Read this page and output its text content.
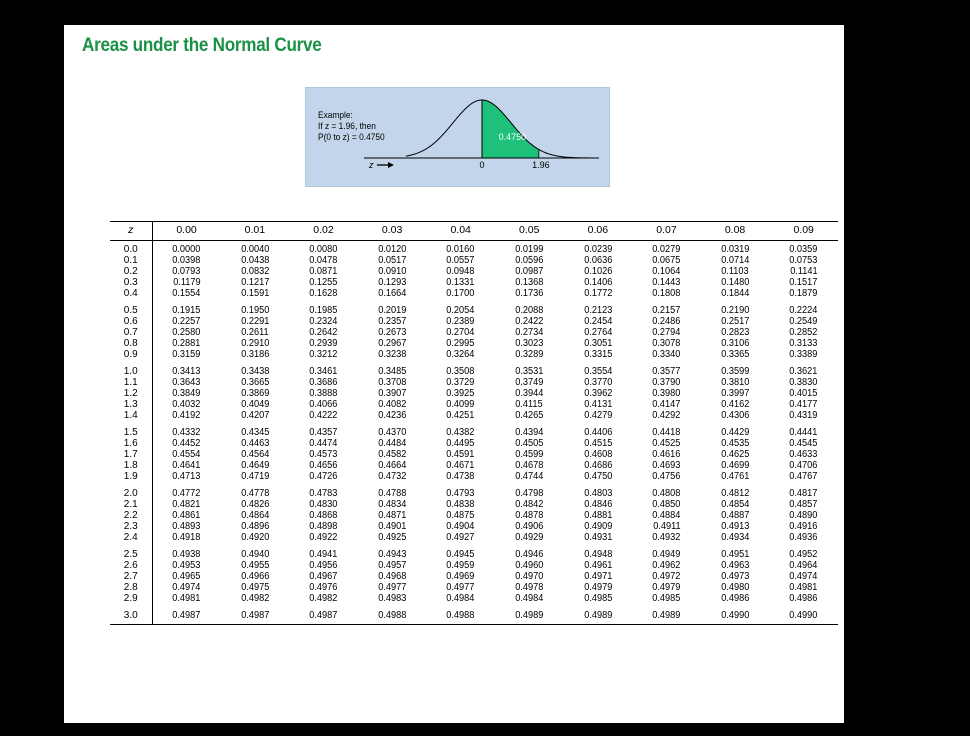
Areas under the Normal Curve
Example:
If z = 1.96, then
P(0 to z) = 0.4750	0.4750
0	1.96
z
z	0.00	0.01	0.02	0.03	0.04	0.05	0.06	0.07	0.08	0.09
0.0	0.0000	0.0040	0.0080	0.0120	0.0160	0.0199	0.0239	0.0279	0.0319	0.0359
0.1	0.0398	0.0438	0.0478	0.0517	0.0557	0.0596	0.0636	0.0675	0.0714	0.0753
0.2	0.0793	0.0832	0.0871	0.0910	0.0948	0.0987	0.1026	0.1064	0.1103	0.1141
0.3	0.1179	0.1217	0.1255	0.1293	0.1331	0.1368	0.1406	0.1443	0.1480	0.1517
0.4	0.1554	0.1591	0.1628	0.1664	0.1700	0.1736	0.1772	0.1808	0.1844	0.1879
0.5	0.1915	0.1950	0.1985	0.2019	0.2054	0.2088	0.2123	0.2157	0.2190	0.2224
0.6	0.2257	0.2291	0.2324	0.2357	0.2389	0.2422	0.2454	0.2486	0.2517	0.2549
0.7	0.2580	0.2611	0.2642	0.2673	0.2704	0.2734	0.2764	0.2794	0.2823	0.2852
0.8	0.2881	0.2910	0.2939	0.2967	0.2995	0.3023	0.3051	0.3078	0.3106	0.3133
0.9	0.3159	0.3186	0.3212	0.3238	0.3264	0.3289	0.3315	0.3340	0.3365	0.3389
1.0	0.3413	0.3438	0.3461	0.3485	0.3508	0.3531	0.3554	0.3577	0.3599	0.3621
1.1	0.3643	0.3665	0.3686	0.3708	0.3729	0.3749	0.3770	0.3790	0.3810	0.3830
1.2	0.3849	0.3869	0.3888	0.3907	0.3925	0.3944	0.3962	0.3980	0.3997	0.4015
1.3	0.4032	0.4049	0.4066	0.4082	0.4099	0.4115	0.4131	0.4147	0.4162	0.4177
1.4	0.4192	0.4207	0.4222	0.4236	0.4251	0.4265	0.4279	0.4292	0.4306	0.4319
1.5	0.4332	0.4345	0.4357	0.4370	0.4382	0.4394	0.4406	0.4418	0.4429	0.4441
1.6	0.4452	0.4463	0.4474	0.4484	0.4495	0.4505	0.4515	0.4525	0.4535	0.4545
1.7	0.4554	0.4564	0.4573	0.4582	0.4591	0.4599	0.4608	0.4616	0.4625	0.4633
1.8	0.4641	0.4649	0.4656	0.4664	0.4671	0.4678	0.4686	0.4693	0.4699	0.4706
1.9	0.4713	0.4719	0.4726	0.4732	0.4738	0.4744	0.4750	0.4756	0.4761	0.4767
2.0	0.4772	0.4778	0.4783	0.4788	0.4793	0.4798	0.4803	0.4808	0.4812	0.4817
2.1	0.4821	0.4826	0.4830	0.4834	0.4838	0.4842	0.4846	0.4850	0.4854	0.4857
2.2	0.4861	0.4864	0.4868	0.4871	0.4875	0.4878	0.4881	0.4884	0.4887	0.4890
2.3	0.4893	0.4896	0.4898	0.4901	0.4904	0.4906	0.4909	0.4911	0.4913	0.4916
2.4	0.4918	0.4920	0.4922	0.4925	0.4927	0.4929	0.4931	0.4932	0.4934	0.4936
2.5	0.4938	0.4940	0.4941	0.4943	0.4945	0.4946	0.4948	0.4949	0.4951	0.4952
2.6	0.4953	0.4955	0.4956	0.4957	0.4959	0.4960	0.4961	0.4962	0.4963	0.4964
2.7	0.4965	0.4966	0.4967	0.4968	0.4969	0.4970	0.4971	0.4972	0.4973	0.4974
2.8	0.4974	0.4975	0.4976	0.4977	0.4977	0.4978	0.4979	0.4979	0.4980	0.4981
2.9	0.4981	0.4982	0.4982	0.4983	0.4984	0.4984	0.4985	0.4985	0.4986	0.4986
3.0	0.4987	0.4987	0.4987	0.4988	0.4988	0.4989	0.4989	0.4989	0.4990	0.4990
